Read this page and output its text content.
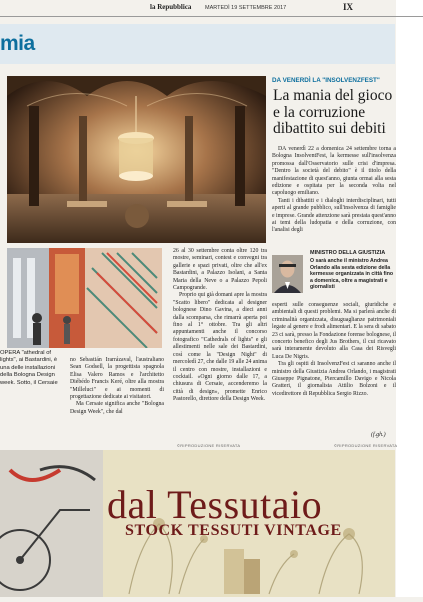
la Repubblica MARTEDÌ 19 SETTEMBRE 2017	IX
mia
DA VENERDÌ LA "INSOLVENZFEST"
La mania del gioco e la corruzione dibattito sui debiti

DA venerdì 22 a domenica 24 settembre torna a Bologna InsolventFest, la kermesse sull'insolvenza promossa dall'Osservatorio sulle crisi d'impresa. "Dentro la società del debito" è il titolo della manifestazione di quest'anno, giunta ormai alla sesta edizione e ospitata per la seconda volta nel capoluogo emiliano.

Tanti i dibattiti e i dialoghi interdisciplinari, tutti aperti al grande pubblico, sull'insolvenza di famiglie e imprese. Grande attenzione sarà prestata quest'anno ai temi della ludopatia e della corruzione, con l'analisi degli

26 al 30 settembre conta oltre 120 tra mostre, seminari, contest e convegni tra gallerie e spazi privati, oltre che all'ex Bastardini, a Palazzo Isolani, a Santa Maria della Neve o a Palazzo Pepoli Campogrande.

Proprio qui già domani apre la mostra "Scatto libero" dedicata al designer bolognese Dino Gavina, a dieci anni dalla scomparsa, che rimarrà aperta poi fino al 1° ottobre. Tra gli altri appuntamenti anche il concorso fotografico "Cathedrals of lights" e gli allestimenti nelle sale dei Bastardini, così come la "Design Night" di mercoledì 27, che dalle 19 alle 24 anima il centro con mostre, installazioni e cocktail. «Ogni giorno dalle 17, a chiusura di Cersaie, accenderemo la città di design», promette Enrico Pastorello, direttore della Design Week.

MINISTRO DELLA GIUSTIZIA
O sarà anche il ministro Andrea Orlando alla sesta edizione della kermesse organizzata in città fino a domenica, oltre a magistrati e giornalisti

esperti sulle conseguenze sociali, giuridiche e ambientali di questi problemi. Ma si parlerà anche di criminalità organizzata, disuguaglianze patrimoniali legate al genere e frodi alimentari. E la sera di sabato 23 ci sarà, presso la Fondazione forense bolognese, il concerto benefico degli Jus Brothers, il cui ricavato sarà interamente devoluto alla Casa dei Risvegli Luca De Nigris.

Tra gli ospiti di InsolvenzFest ci saranno anche il ministro della Giustizia Andrea Orlando, i magistrati Giuseppe Pignatone, Piercamillo Davigo e Nicola Gratteri, il giornalista Attilio Bolzoni e il vicedirettore di Repubblica Sergio Rizzo.

(f.gh.)
OPERA "athedral of lights", ai Bastardini, è una delle installazioni della Bologna Design week. Sotto, il Cersaie

no Sebastián Irarrázaval, l'australiano Sean Godsell, la progettista spagnola Elisa Valero Ramos e l'architetto Diébédo Francis Keré, oltre alla mostra "Milleluci" e ai momenti di progettazione dedicate ai visitatori.

Ma Cersaie significa anche "Bologna Design Week", che dal

©RIPRODUZIONE RISERVATA	©RIPRODUZIONE RISERVATA
dal Tessutaio
STOCK TESSUTI VINTAGE
